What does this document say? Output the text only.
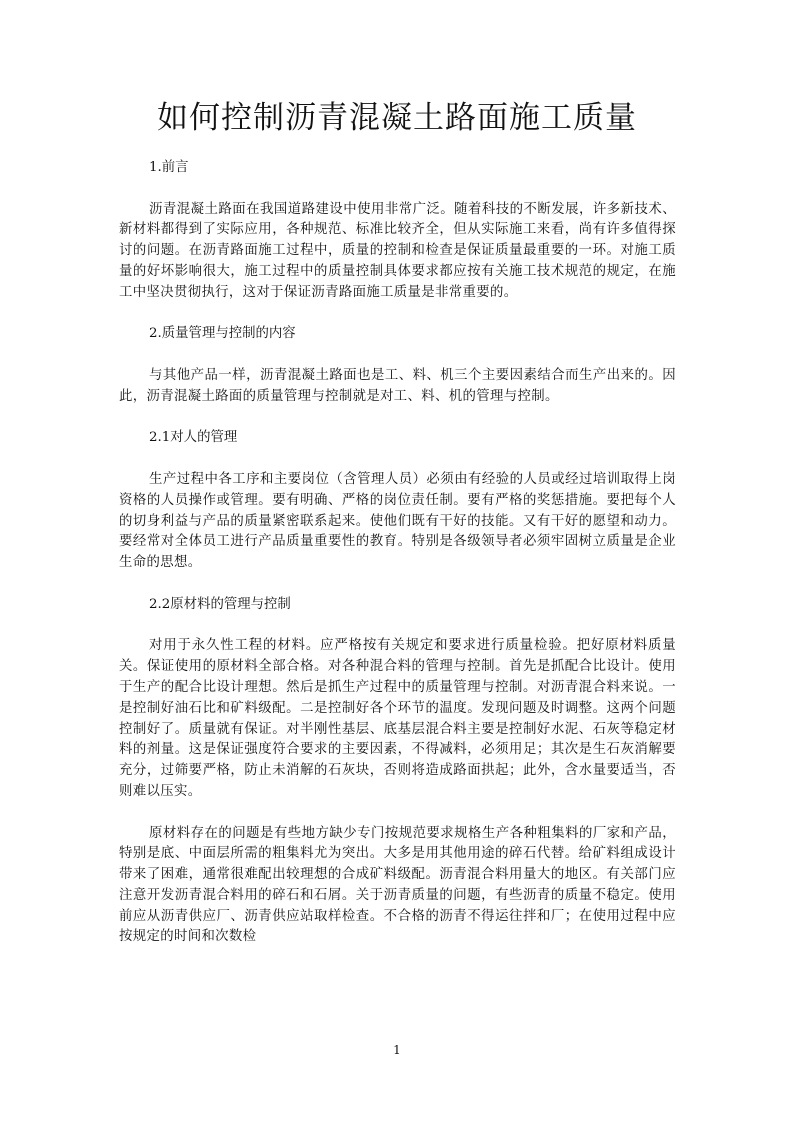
如何控制沥青混凝土路面施工质量

1.前言

沥青混凝土路面在我国道路建设中使用非常广泛。随着科技的不断发展，许多新技术、新材料都得到了实际应用，各种规范、标准比较齐全，但从实际施工来看，尚有许多值得探讨的问题。在沥青路面施工过程中，质量的控制和检查是保证质量最重要的一环。对施工质量的好坏影响很大，施工过程中的质量控制具体要求都应按有关施工技术规范的规定，在施工中坚决贯彻执行，这对于保证沥青路面施工质量是非常重要的。

2.质量管理与控制的内容

与其他产品一样，沥青混凝土路面也是工、料、机三个主要因素结合而生产出来的。因此，沥青混凝土路面的质量管理与控制就是对工、料、机的管理与控制。

2.1对人的管理

生产过程中各工序和主要岗位（含管理人员）必须由有经验的人员或经过培训取得上岗资格的人员操作或管理。要有明确、严格的岗位责任制。要有严格的奖惩措施。要把每个人的切身利益与产品的质量紧密联系起来。使他们既有干好的技能。又有干好的愿望和动力。要经常对全体员工进行产品质量重要性的教育。特别是各级领导者必须牢固树立质量是企业生命的思想。

2.2原材料的管理与控制

对用于永久性工程的材料。应严格按有关规定和要求进行质量检验。把好原材料质量关。保证使用的原材料全部合格。对各种混合料的管理与控制。首先是抓配合比设计。使用于生产的配合比设计理想。然后是抓生产过程中的质量管理与控制。对沥青混合料来说。一是控制好油石比和矿料级配。二是控制好各个环节的温度。发现问题及时调整。这两个问题控制好了。质量就有保证。对半刚性基层、底基层混合料主要是控制好水泥、石灰等稳定材料的剂量。这是保证强度符合要求的主要因素，不得减料，必须用足；其次是生石灰消解要充分，过筛要严格，防止未消解的石灰块，否则将造成路面拱起；此外，含水量要适当，否则难以压实。

原材料存在的问题是有些地方缺少专门按规范要求规格生产各种粗集料的厂家和产品，特别是底、中面层所需的粗集料尤为突出。大多是用其他用途的碎石代替。给矿料组成设计带来了困难，通常很难配出较理想的合成矿料级配。沥青混合料用量大的地区。有关部门应注意开发沥青混合料用的碎石和石屑。关于沥青质量的问题，有些沥青的质量不稳定。使用前应从沥青供应厂、沥青供应站取样检查。不合格的沥青不得运往拌和厂；在使用过程中应按规定的时间和次数检

1
